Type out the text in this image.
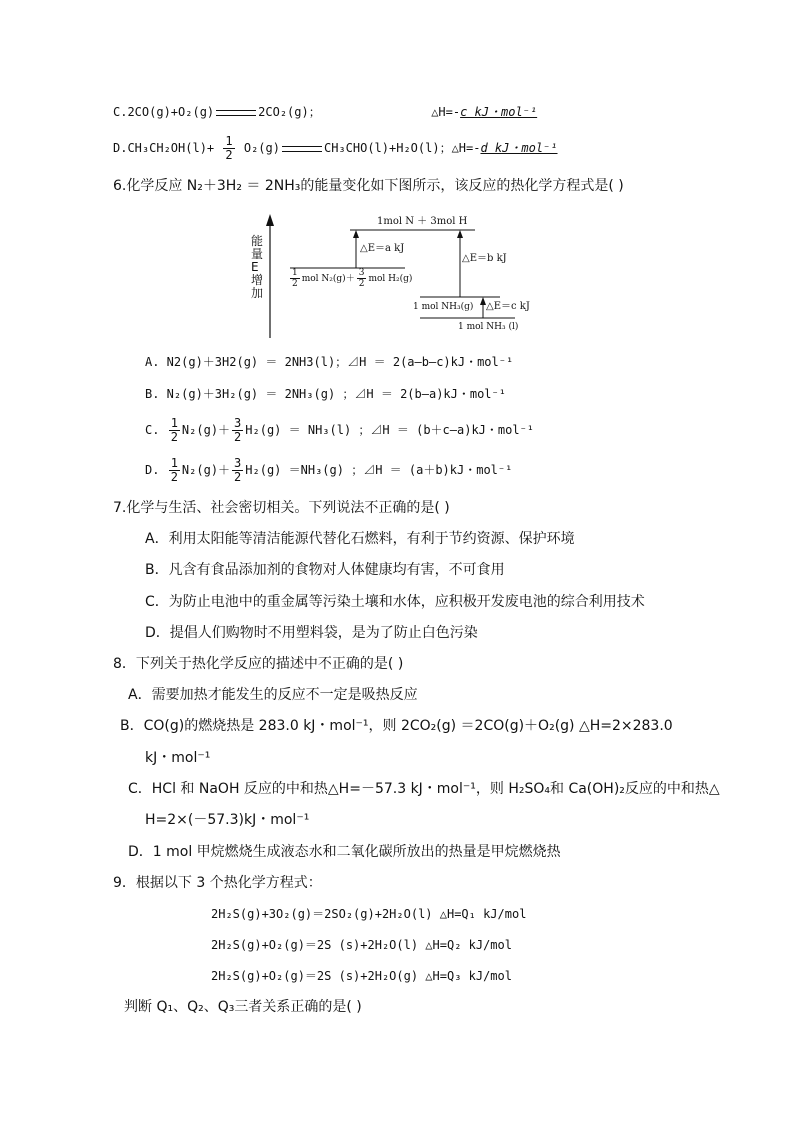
C.2CO(g)+O₂(g)	2CO₂(g)；	△H=-c kJ・mol⁻¹
$D.CH_3CH_2OH(l)+ \frac{1}{2} O_2(g)$	CH₃CHO(l)+H₂O(l)；△H=-d kJ・mol⁻¹
6.化学反应 N₂＋3H₂ ＝ 2NH₃的能量变化如下图所示，该反应的热化学方程式是( )
能量E增加
1mol N ＋ 3mol H
△E＝a kJ
△E＝b kJ
△E＝c kJ
$\frac{1}{2}$ mol $N_2(g)+ \frac{3}{2}$ mol H₂(g)
1 mol NH₃(g)
1 mol NH₃ (l)
A. N2(g)＋3H2(g) ＝ 2NH3(l)；⊿H ＝ 2(a—b—c)kJ・mol⁻¹
B. N₂(g)＋3H₂(g) ＝ 2NH₃(g) ；⊿H ＝ 2(b—a)kJ・mol⁻¹
C. $\frac{1}{2} N_2(g)+ \frac{3}{2} H_2(g) = NH_3(l)$ ；⊿H ＝ (b＋c—a)kJ・mol⁻¹
D. $\frac{1}{2} N_2(g)+ \frac{3}{2} H_2(g) =NH_3(g)$ ；⊿H ＝ (a＋b)kJ・mol⁻¹
7.化学与生活、社会密切相关。下列说法不正确的是( )
A．利用太阳能等清洁能源代替化石燃料，有利于节约资源、保护环境
B．凡含有食品添加剂的食物对人体健康均有害，不可食用
C．为防止电池中的重金属等污染土壤和水体，应积极开发废电池的综合利用技术
D．提倡人们购物时不用塑料袋，是为了防止白色污染
8．下列关于热化学反应的描述中不正确的是( )
A．需要加热才能发生的反应不一定是吸热反应
B．CO(g)的燃烧热是 283.0 kJ・mol⁻¹，则 2CO₂(g) ＝2CO(g)＋O₂(g) △H=2×283.0
kJ・mol⁻¹
C．HCl 和 NaOH 反应的中和热△H=－57.3 kJ・mol⁻¹，则 H₂SO₄和 Ca(OH)₂反应的中和热△
H=2×(－57.3)kJ・mol⁻¹
D．1 mol 甲烷燃烧生成液态水和二氧化碳所放出的热量是甲烷燃烧热
9．根据以下 3 个热化学方程式：
2H₂S(g)+3O₂(g)＝2SO₂(g)+2H₂O(l) △H=Q₁ kJ/mol
2H₂S(g)+O₂(g)＝2S (s)+2H₂O(l) △H=Q₂ kJ/mol
2H₂S(g)+O₂(g)＝2S (s)+2H₂O(g) △H=Q₃ kJ/mol
判断 Q₁、Q₂、Q₃三者关系正确的是( )
